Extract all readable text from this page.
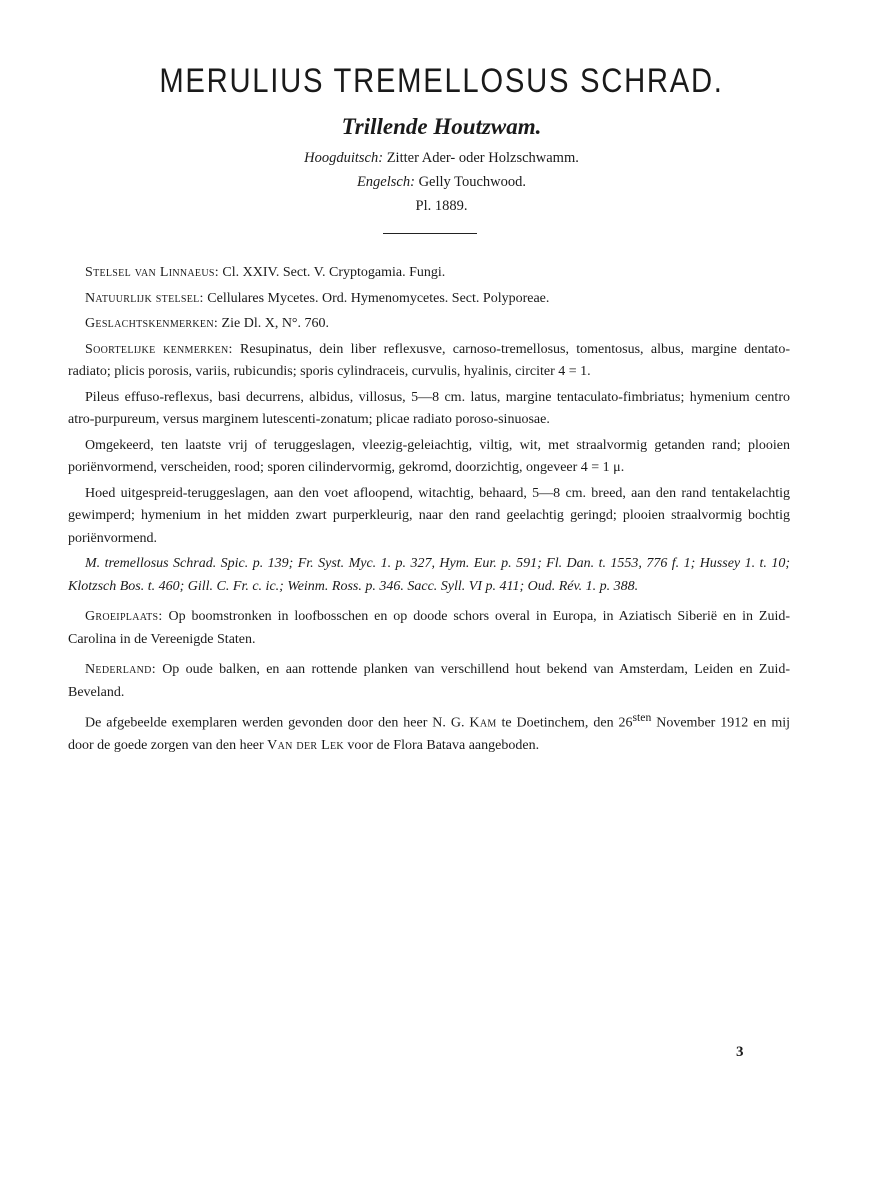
MERULIUS TREMELLOSUS SCHRAD.
Trillende Houtzwam.
Hoogduitsch: Zitter Ader- oder Holzschwamm.
Engelsch: Gelly Touchwood.
Pl. 1889.

Stelsel van Linnaeus: Cl. XXIV. Sect. V. Cryptogamia. Fungi.

Natuurlijk stelsel: Cellulares Mycetes. Ord. Hymenomycetes. Sect. Polyporeae.

Geslachtskenmerken: Zie Dl. X, N°. 760.

Soortelijke kenmerken: Resupinatus, dein liber reflexusve, carnoso-tremellosus, tomentosus, albus, margine dentato-radiato; plicis porosis, variis, rubicundis; sporis cylindraceis, curvulis, hyalinis, circiter 4 = 1.

Pileus effuso-reflexus, basi decurrens, albidus, villosus, 5—8 cm. latus, margine tentaculato-fimbriatus; hymenium centro atro-purpureum, versus marginem lutescenti-zonatum; plicae radiato poroso-sinuosae.

Omgekeerd, ten laatste vrij of teruggeslagen, vleezig-geleiachtig, viltig, wit, met straalvormig getanden rand; plooien poriënvormend, verscheiden, rood; sporen cilindervormig, gekromd, doorzichtig, ongeveer 4 = 1 μ.

Hoed uitgespreid-teruggeslagen, aan den voet afloopend, witachtig, behaard, 5—8 cm. breed, aan den rand tentakelachtig gewimperd; hymenium in het midden zwart purperkleurig, naar den rand geelachtig geringd; plooien straalvormig bochtig poriënvormend.

M. tremellosus Schrad. Spic. p. 139; Fr. Syst. Myc. 1. p. 327, Hym. Eur. p. 591; Fl. Dan. t. 1553, 776 f. 1; Hussey 1. t. 10; Klotzsch Bos. t. 460; Gill. C. Fr. c. ic.; Weinm. Ross. p. 346. Sacc. Syll. VI p. 411; Oud. Rév. 1. p. 388.

Groeiplaats: Op boomstronken in loofbosschen en op doode schors overal in Europa, in Aziatisch Siberië en in Zuid-Carolina in de Vereenigde Staten.

Nederland: Op oude balken, en aan rottende planken van verschillend hout bekend van Amsterdam, Leiden en Zuid-Beveland.

De afgebeelde exemplaren werden gevonden door den heer N. G. Kam te Doetinchem, den $26^{sten}$ November 1912 en mij door de goede zorgen van den heer Van der Lek voor de Flora Batava aangeboden.

3
